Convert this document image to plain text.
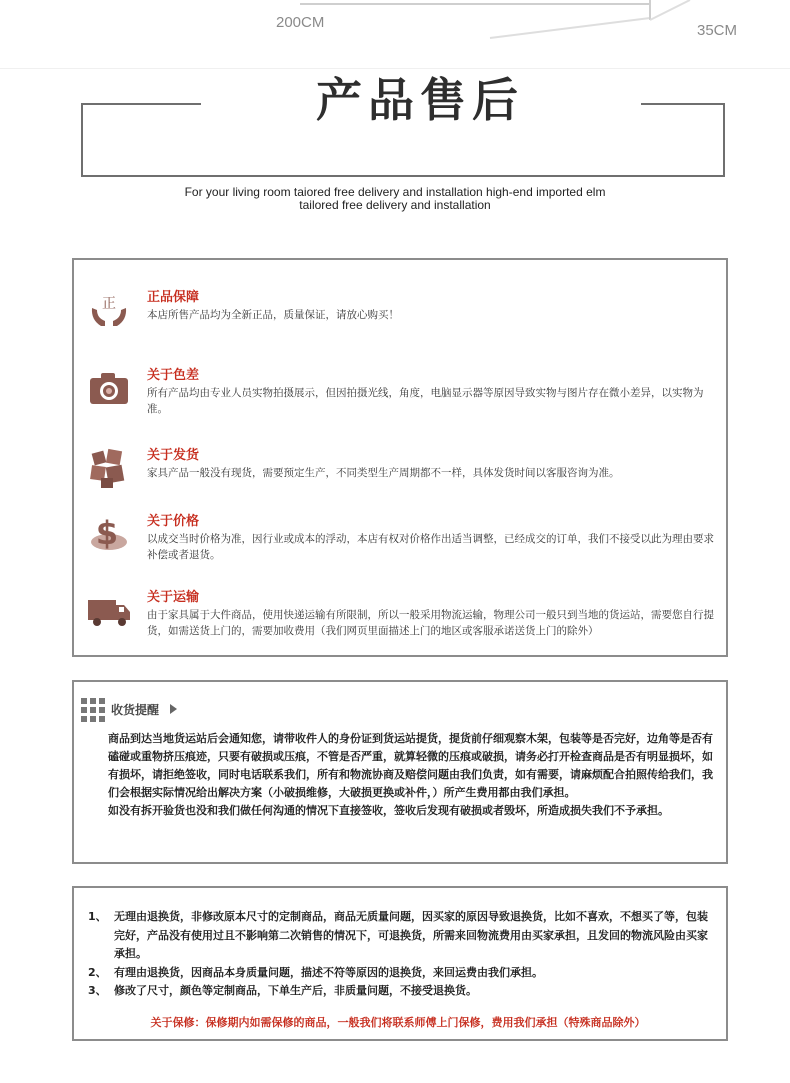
200CM	35CM
产品售后
For your living room taiored free delivery and installation high-end imported elm
tailored free delivery and installation
正 正品保障
本店所售产品均为全新正品，质量保证，请放心购买！
关于色差
所有产品均由专业人员实物拍摄展示，但因拍摄光线，角度，电脑显示器等原因导致实物与图片存在微小差异，以实物为准。
关于发货
家具产品一般没有现货，需要预定生产，不同类型生产周期都不一样，具体发货时间以客服咨询为准。
$ 关于价格
以成交当时价格为准，因行业或成本的浮动，本店有权对价格作出适当调整，已经成交的订单，我们不接受以此为理由要求补偿或者退货。
关于运输
由于家具属于大件商品，使用快递运输有所限制，所以一般采用物流运输，物理公司一般只到当地的货运站，需要您自行提货，如需送货上门的，需要加收费用（我们网页里面描述上门的地区或客服承诺送货上门的除外）
收货提醒

商品到达当地货运站后会通知您，请带收件人的身份证到货运站提货，提货前仔细观察木架，包装等是否完好，边角等是否有磕碰或重物挤压痕迹，只要有破损或压痕，不管是否严重，就算轻微的压痕或破损，请务必打开检查商品是否有明显损坏，如有损坏，请拒绝签收，同时电话联系我们，所有和物流协商及赔偿问题由我们负责，如有需要，请麻烦配合拍照传给我们，我们会根据实际情况给出解决方案（小破损维修，大破损更换或补件，）所产生费用都由我们承担。

如没有拆开验货也没和我们做任何沟通的情况下直接签收，签收后发现有破损或者毁坏，所造成损失我们不予承担。

1、 无理由退换货，非修改原本尺寸的定制商品，商品无质量问题，因买家的原因导致退换货，比如不喜欢，不想买了等，包装完好，产品没有使用过且不影响第二次销售的情况下，可退换货，所需来回物流费用由买家承担，且发回的物流风险由买家承担。
2、 有理由退换货，因商品本身质量问题，描述不符等原因的退换货，来回运费由我们承担。
3、 修改了尺寸，颜色等定制商品，下单生产后，非质量问题，不接受退换货。
关于保修：保修期内如需保修的商品，一般我们将联系师傅上门保修，费用我们承担（特殊商品除外）
